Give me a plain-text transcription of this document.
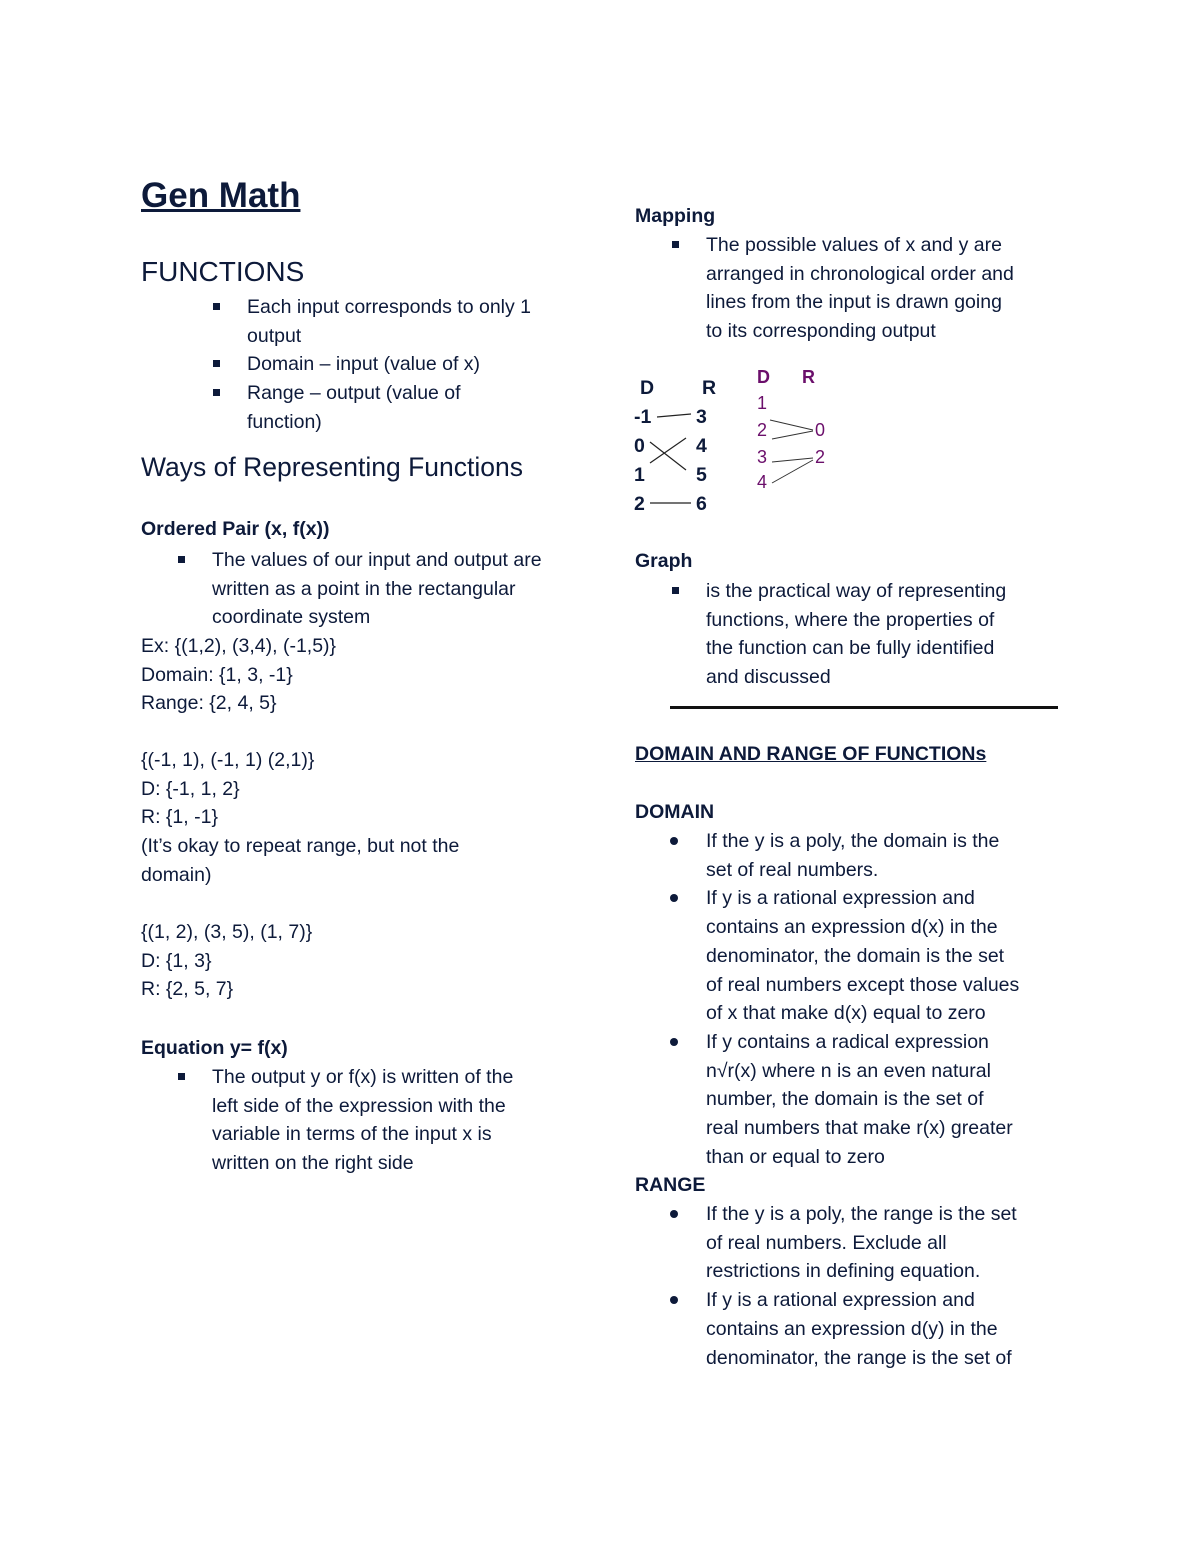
Gen Math
FUNCTIONS
Each input corresponds to only 1 output
Domain – input (value of x)
Range – output (value of function)
Ways of Representing Functions
Ordered Pair (x, f(x))
The values of our input and output are written as a point in the rectangular coordinate system
Ex: {(1,2), (3,4), (-1,5)}
Domain: {1, 3, -1}
Range: {2, 4, 5}
{(-1, 1), (-1, 1) (2,1)}
D: {-1, 1, 2}
R: {1, -1}
(It’s okay to repeat range, but not the
domain)
{(1, 2), (3, 5), (1, 7)}
D: {1, 3}
R: {2, 5, 7}
Equation y= f(x)
The output y or f(x) is written of the
left side of the expression with the
variable in terms of the input x is
written on the right side
Mapping
The possible values of x and y are
arranged in chronological order and
lines from the input is drawn going
to its corresponding output
D R
-1
0
1
2
3
4
5
6
D R
1
2
3
4
0
2
Graph
is the practical way of representing
functions, where the properties of
the function can be fully identified
and discussed
DOMAIN AND RANGE OF FUNCTIONs
DOMAIN
If the y is a poly, the domain is the
set of real numbers.
If y is a rational expression and
contains an expression d(x) in the
denominator, the domain is the set
of real numbers except those values
of x that make d(x) equal to zero
If y contains a radical expression
n√r(x) where n is an even natural
number, the domain is the set of
real numbers that make r(x) greater
than or equal to zero
RANGE
If the y is a poly, the range is the set
of real numbers. Exclude all
restrictions in defining equation.
If y is a rational expression and
contains an expression d(y) in the
denominator, the range is the set of
